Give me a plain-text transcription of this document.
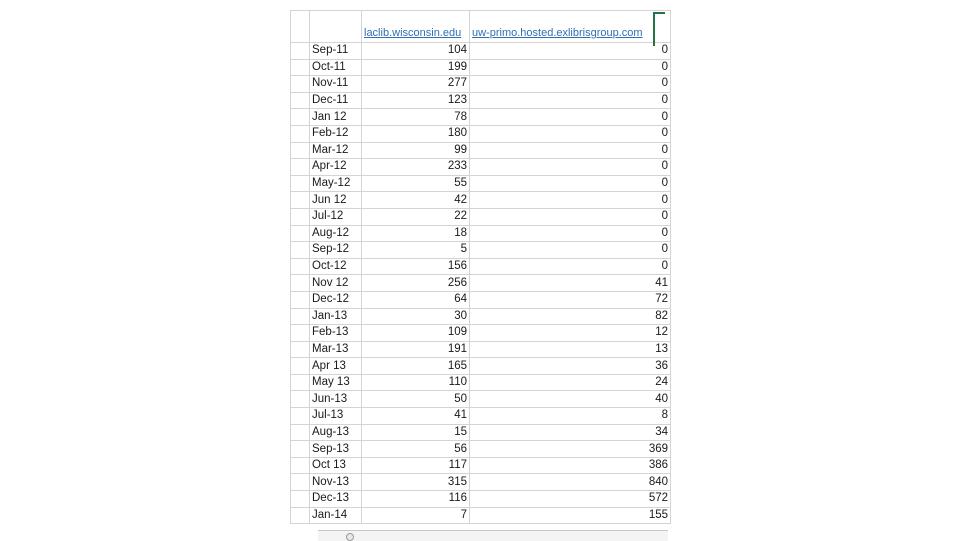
		laclib.wisconsin.edu	uw-primo.hosted.exlibrisgroup.com

	Sep-11	104	0
	Oct-11	199	0
	Nov-11	277	0
	Dec-11	123	0
	Jan 12	78	0
	Feb-12	180	0
	Mar-12	99	0
	Apr-12	233	0
	May-12	55	0
	Jun 12	42	0
	Jul-12	22	0
	Aug-12	18	0
	Sep-12	5	0
	Oct-12	156	0
	Nov 12	256	41
	Dec-12	64	72
	Jan-13	30	82
	Feb-13	109	12
	Mar-13	191	13
	Apr 13	165	36
	May 13	110	24
	Jun-13	50	40
	Jul-13	41	8
	Aug-13	15	34
	Sep-13	56	369
	Oct 13	117	386
	Nov-13	315	840
	Dec-13	116	572
	Jan-14	7	155
